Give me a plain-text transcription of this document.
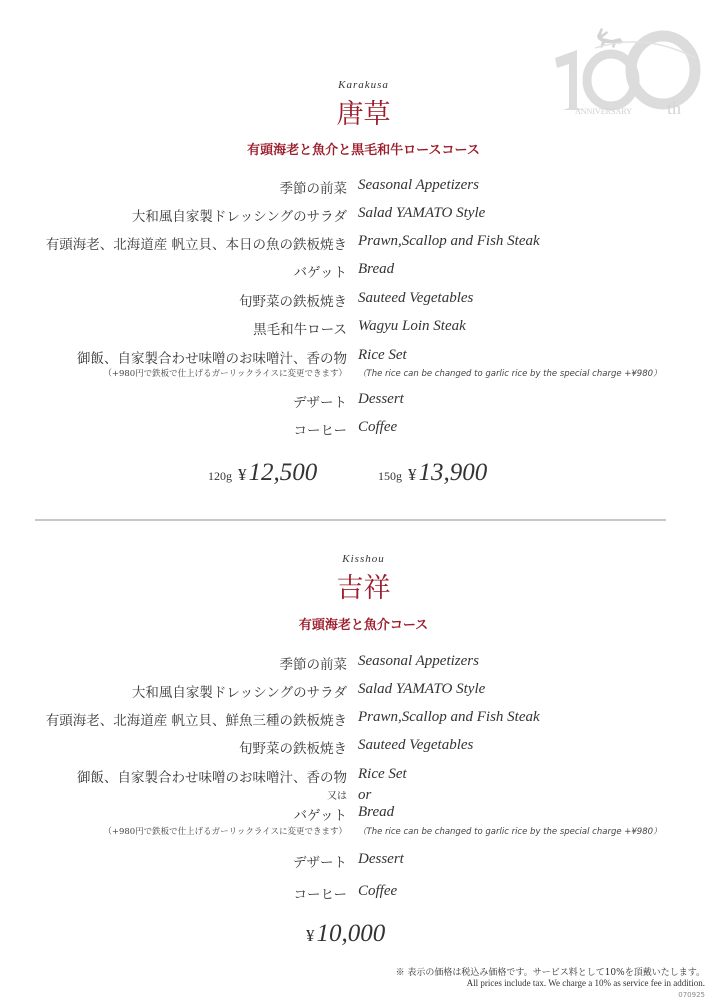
ANNIVERSARY th
Karakusa
唐草
有頭海老と魚介と黒毛和牛ロースコース
季節の前菜 Seasonal Appetizers
大和風自家製ドレッシングのサラダ Salad YAMATO Style
有頭海老、北海道産 帆立貝、本日の魚の鉄板焼き Prawn,Scallop and Fish Steak
バゲット Bread
旬野菜の鉄板焼き Sauteed Vegetables
黒毛和牛ロース Wagyu Loin Steak
御飯、自家製合わせ味噌のお味噌汁、香の物 Rice Set
（+980円で鉄板で仕上げるガーリックライスに変更できます） （The rice can be changed to garlic rice by the special charge +¥980）
デザート Dessert
コーヒー Coffee
120g ¥12,500	150g ¥13,900
Kisshou
吉祥
有頭海老と魚介コース
季節の前菜 Seasonal Appetizers
大和風自家製ドレッシングのサラダ Salad YAMATO Style
有頭海老、北海道産 帆立貝、鮮魚三種の鉄板焼き Prawn,Scallop and Fish Steak
旬野菜の鉄板焼き Sauteed Vegetables
御飯、自家製合わせ味噌のお味噌汁、香の物 Rice Set
又は or
バゲット Bread
（+980円で鉄板で仕上げるガーリックライスに変更できます） （The rice can be changed to garlic rice by the special charge +¥980）
デザート Dessert
コーヒー Coffee
¥10,000
※ 表示の価格は税込み価格です。サービス料として10%を頂戴いたします。
All prices include tax. We charge a 10% as service fee in addition.
070925
